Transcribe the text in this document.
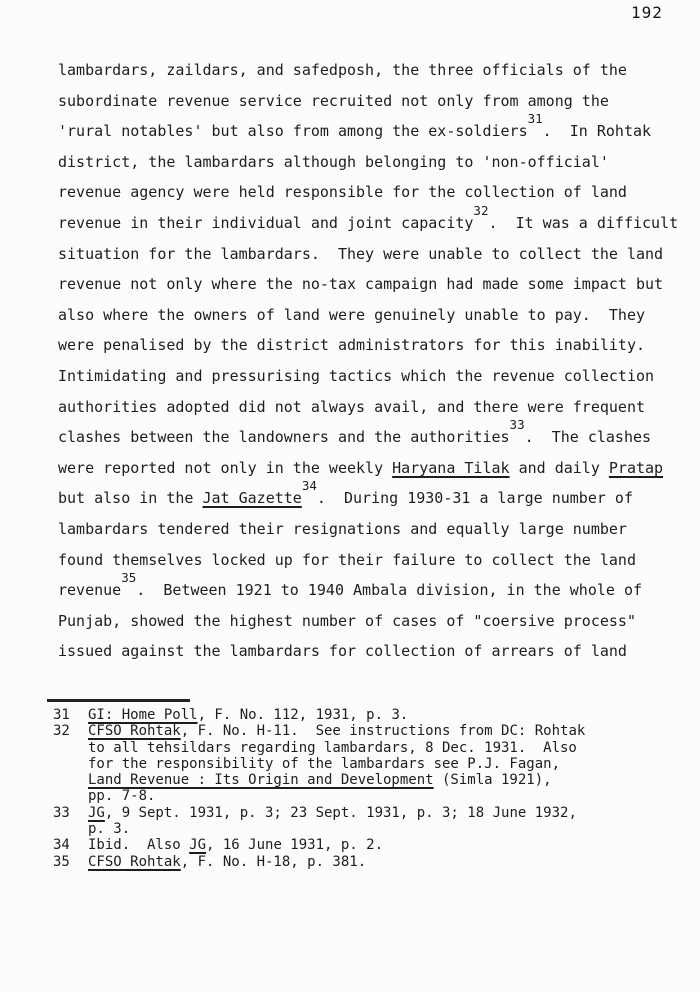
192
lambardars, zaildars, and safedposh, the three officials of the
subordinate revenue service recruited not only from among the
'rural notables' but also from among the ex-soldiers$^{31}$.  In Rohtak
district, the lambardars although belonging to 'non-official'
revenue agency were held responsible for the collection of land
revenue in their individual and joint capacity$^{32}$.  It was a difficult
situation for the lambardars.  They were unable to collect the land
revenue not only where the no-tax campaign had made some impact but
also where the owners of land were genuinely unable to pay.  They
were penalised by the district administrators for this inability.
Intimidating and pressurising tactics which the revenue collection
authorities adopted did not always avail, and there were frequent
clashes between the landowners and the authorities$^{33}$.  The clashes
were reported not only in the weekly Haryana Tilak and daily Pratap
but also in the Jat Gazette$^{34}$.  During 1930-31 a large number of
lambardars tendered their resignations and equally large number
found themselves locked up for their failure to collect the land
revenue$^{35}$.  Between 1921 to 1940 Ambala division, in the whole of
Punjab, showed the highest number of cases of "coersive process"
issued against the lambardars for collection of arrears of land
31 GI: Home Poll, F. No. 112, 1931, p. 3.
32 CFSO Rohtak, F. No. H-11.  See instructions from DC: Rohtak
to all tehsildars regarding lambardars, 8 Dec. 1931.  Also
for the responsibility of the lambardars see P.J. Fagan,
Land Revenue : Its Origin and Development (Simla 1921),
pp. 7-8.
33 JG, 9 Sept. 1931, p. 3; 23 Sept. 1931, p. 3; 18 June 1932,
p. 3.
34 Ibid.  Also JG, 16 June 1931, p. 2.
35 CFSO Rohtak, F. No. H-18, p. 381.
